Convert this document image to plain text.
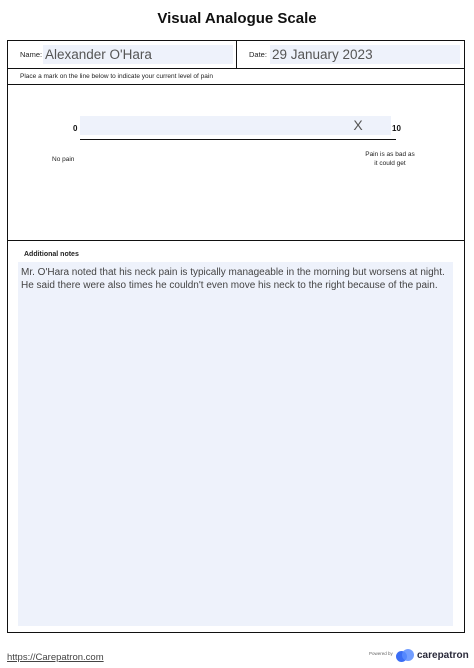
Visual Analogue Scale
Name: Alexander O'Hara	Date: 29 January 2023
Place a mark on the line below to indicate your current level of pain
0	X	10
No pain
Pain is as bad as
it could get
Additional notes
Mr. O'Hara noted that his neck pain is typically manageable in the morning but worsens at night. He said there were also times he couldn't even move his neck to the right because of the pain.
https://Carepatron.com	Powered by carepatron
